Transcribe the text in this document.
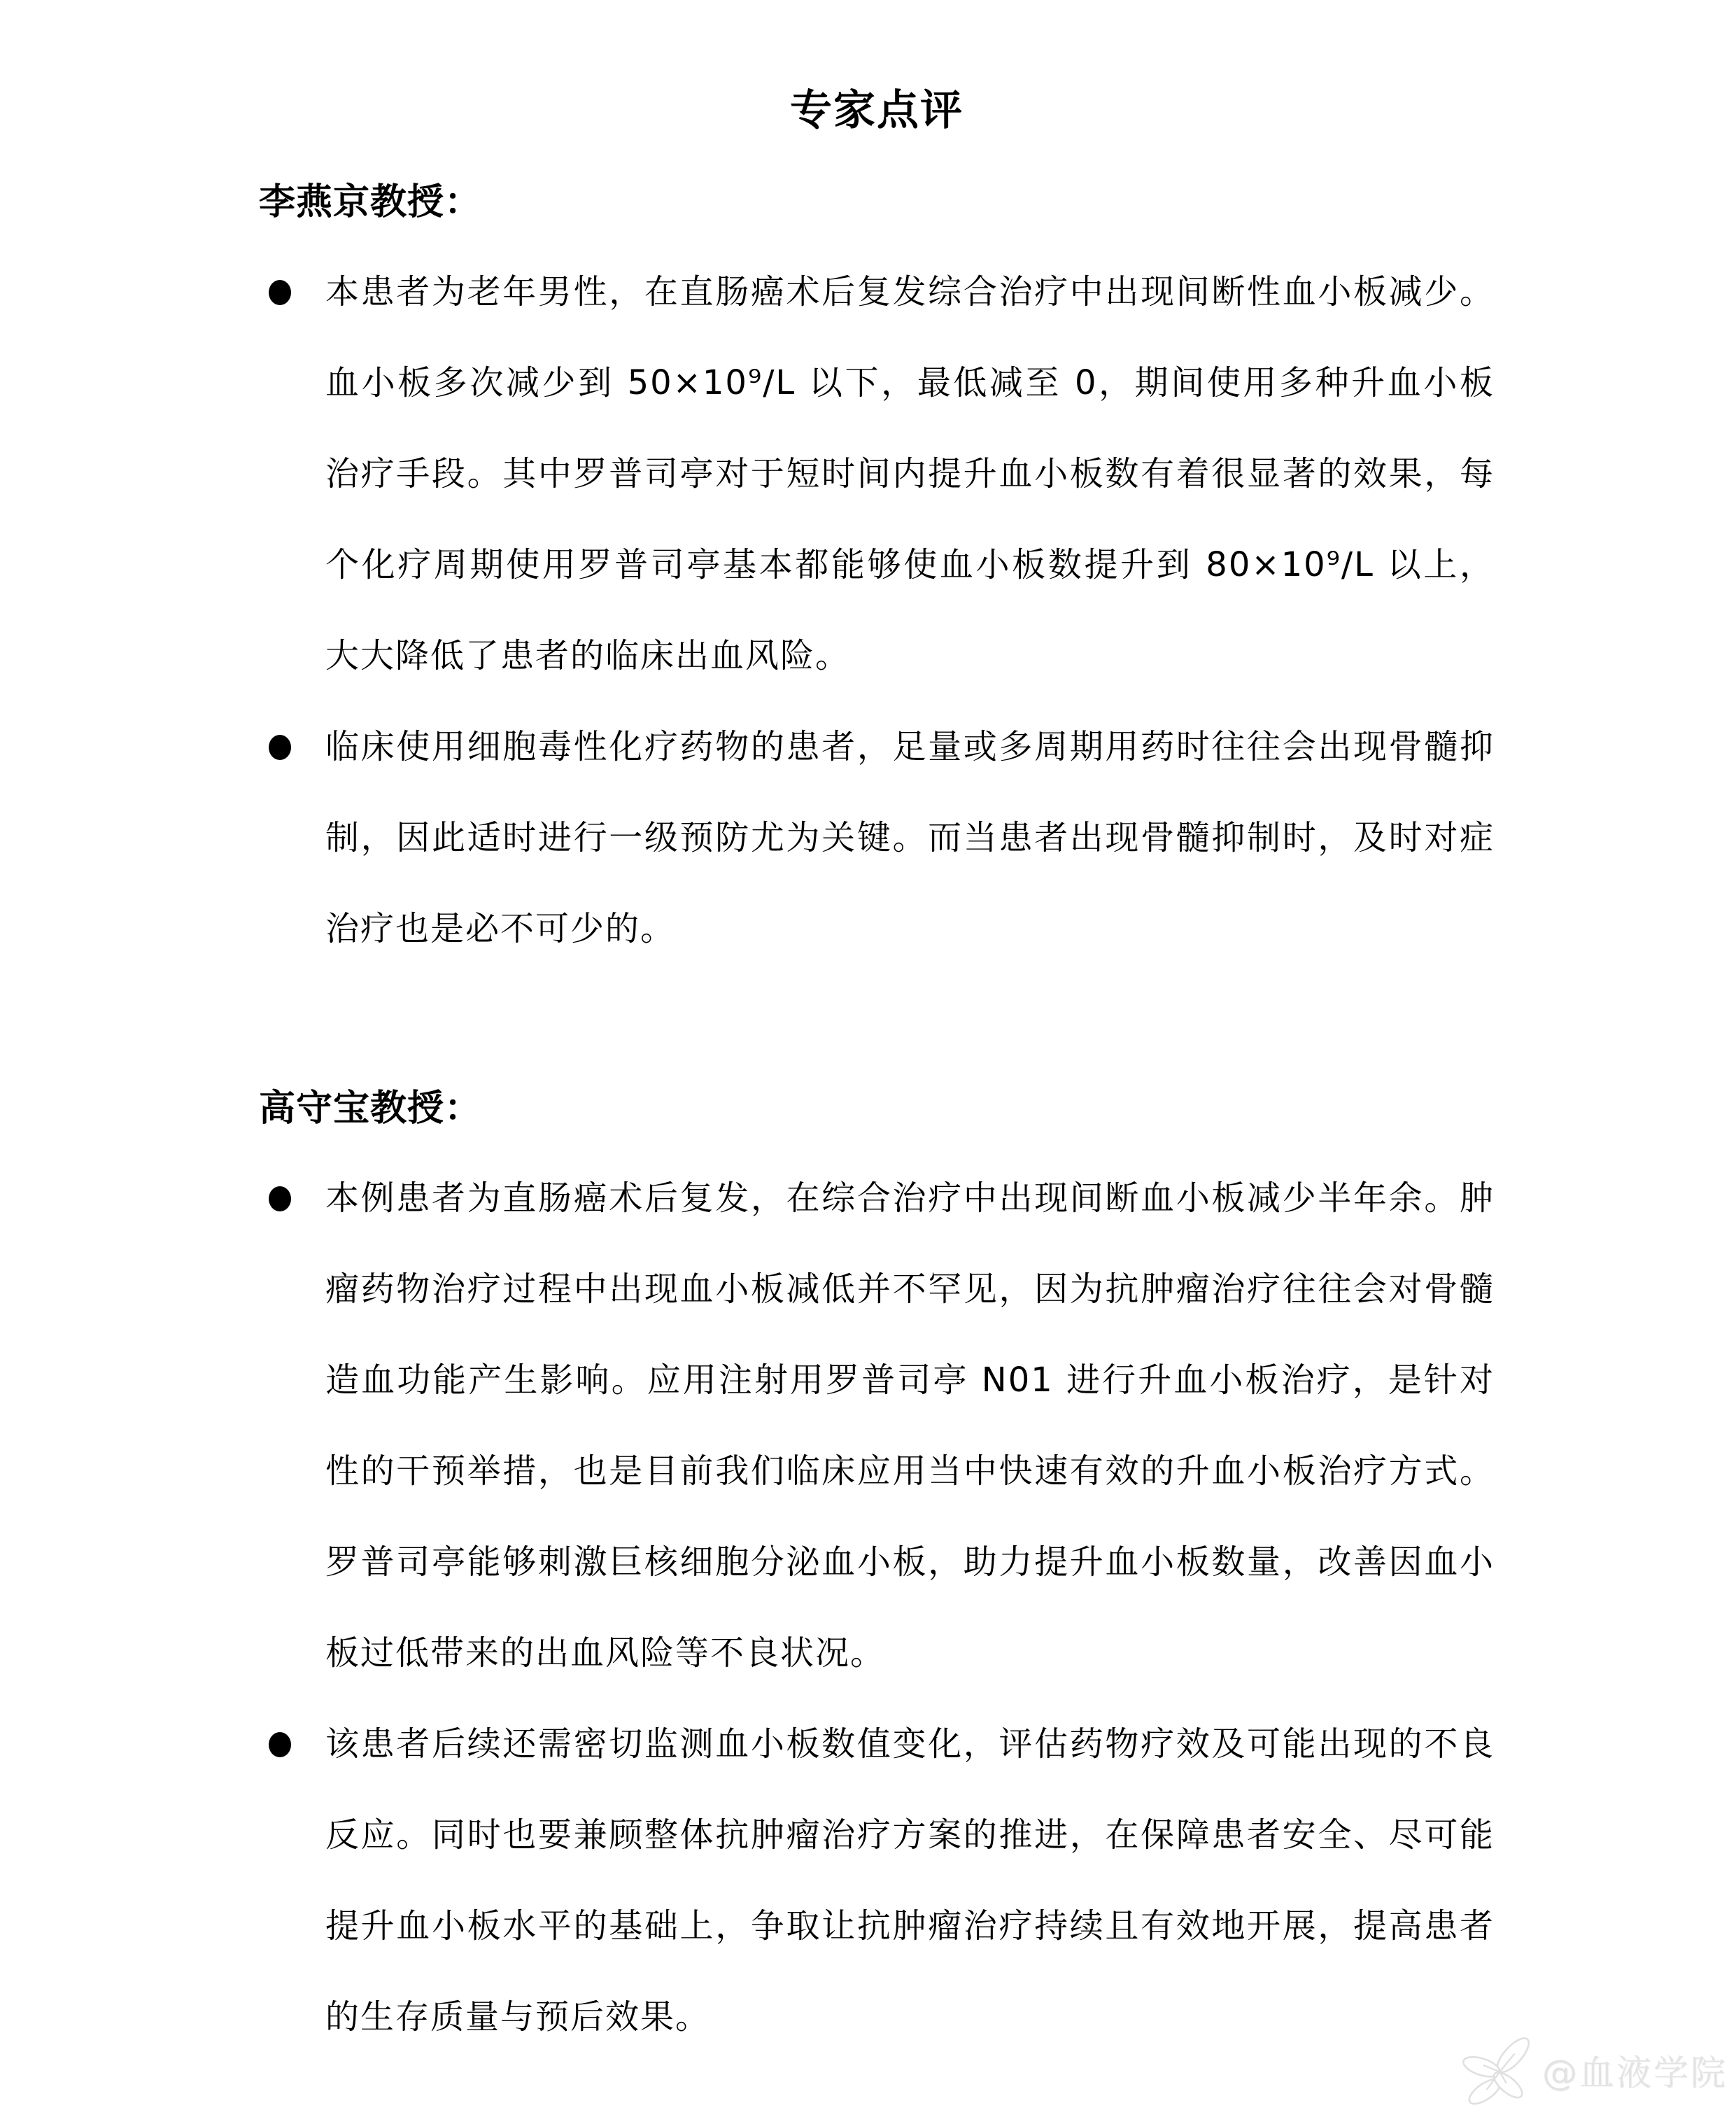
专家点评
李燕京教授：

本患者为老年男性，在直肠癌术后复发综合治疗中出现间断性血小板减少。血小板多次减少到 50×10⁹/L 以下，最低减至 0，期间使用多种升血小板治疗手段。其中罗普司亭对于短时间内提升血小板数有着很显著的效果，每个化疗周期使用罗普司亭基本都能够使血小板数提升到 80×10⁹/L 以上，大大降低了患者的临床出血风险。

临床使用细胞毒性化疗药物的患者，足量或多周期用药时往往会出现骨髓抑制，因此适时进行一级预防尤为关键。而当患者出现骨髓抑制时，及时对症治疗也是必不可少的。

高守宝教授：

本例患者为直肠癌术后复发，在综合治疗中出现间断血小板减少半年余。肿瘤药物治疗过程中出现血小板减低并不罕见，因为抗肿瘤治疗往往会对骨髓造血功能产生影响。应用注射用罗普司亭 N01 进行升血小板治疗，是针对性的干预举措，也是目前我们临床应用当中快速有效的升血小板治疗方式。罗普司亭能够刺激巨核细胞分泌血小板，助力提升血小板数量，改善因血小板过低带来的出血风险等不良状况。

该患者后续还需密切监测血小板数值变化，评估药物疗效及可能出现的不良反应。同时也要兼顾整体抗肿瘤治疗方案的推进，在保障患者安全、尽可能提升血小板水平的基础上，争取让抗肿瘤治疗持续且有效地开展，提高患者的生存质量与预后效果。

@血液学院
